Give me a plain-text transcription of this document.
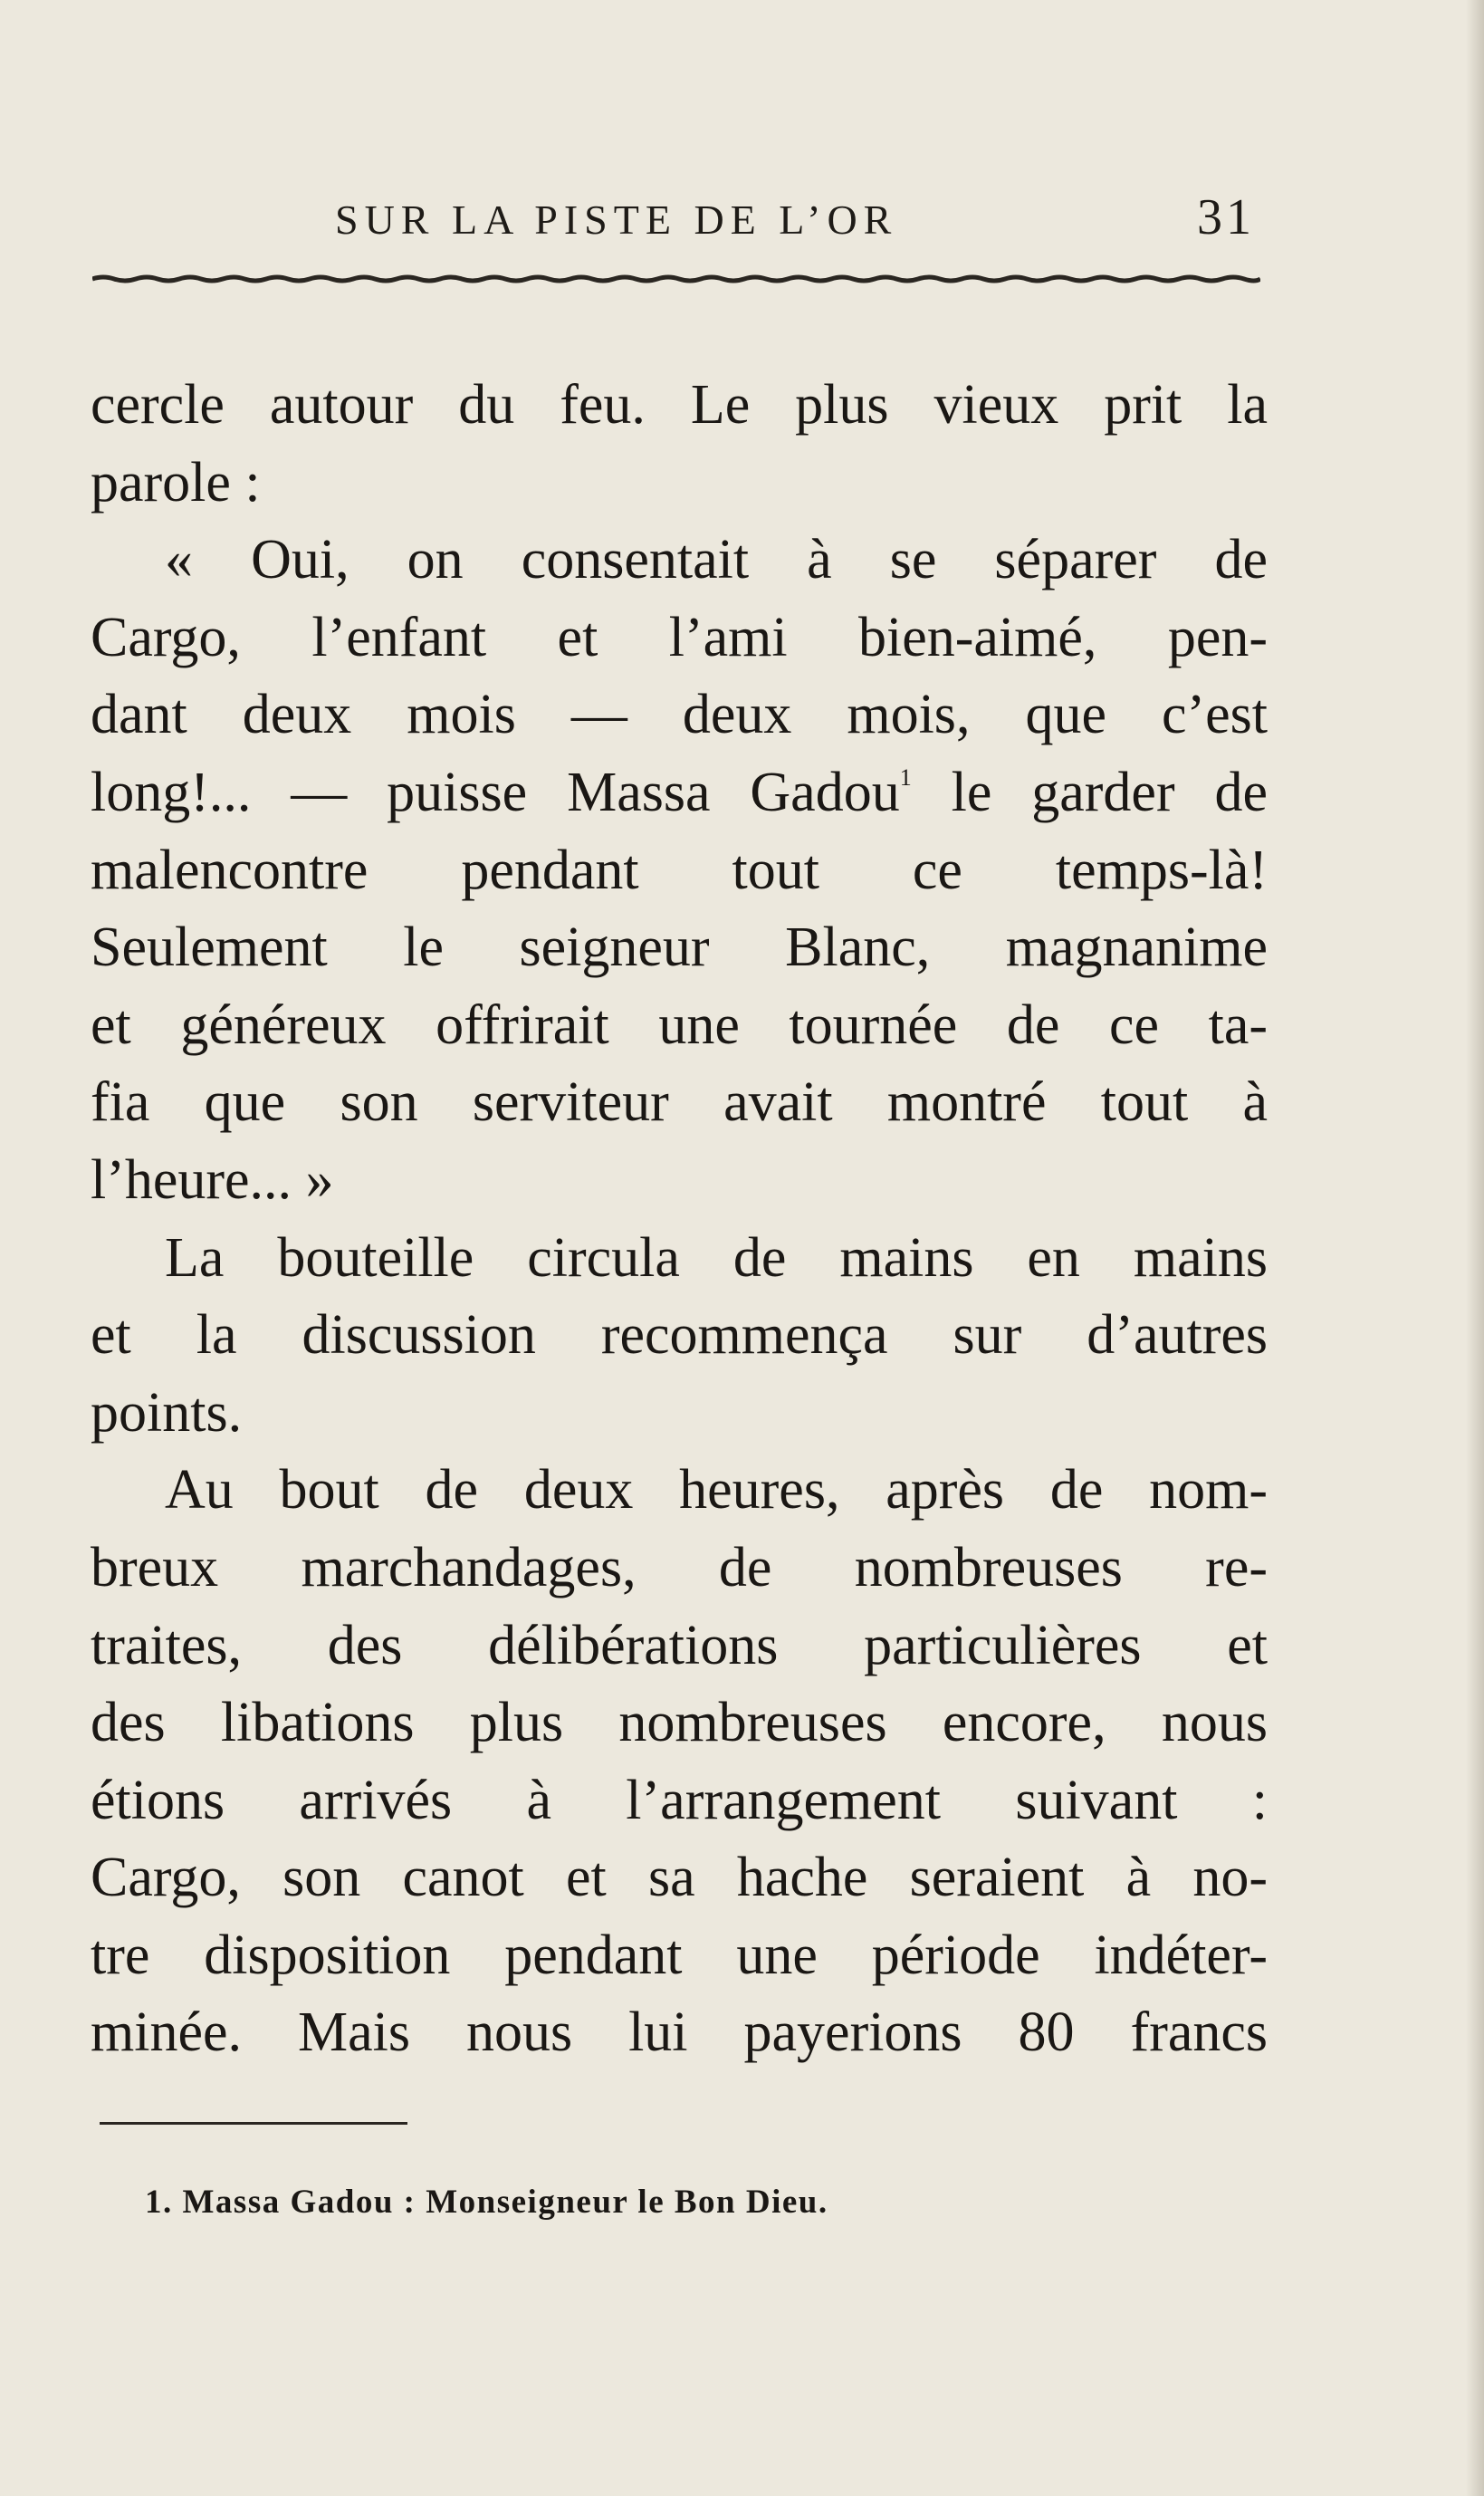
SUR LA PISTE DE L’OR	31
cercle autour du feu. Le plus vieux prit la
parole :
« Oui, on consentait à se séparer de
Cargo, l’enfant et l’ami bien-aimé, pen-
dant deux mois — deux mois, que c’est
long!... — puisse Massa Gadou$^1$ le garder de
malencontre pendant tout ce temps-là!
Seulement le seigneur Blanc, magnanime
et généreux offrirait une tournée de ce ta-
fia que son serviteur avait montré tout à
l’heure... »
La bouteille circula de mains en mains
et la discussion recommença sur d’autres
points.
Au bout de deux heures, après de nom-
breux marchandages, de nombreuses re-
traites, des délibérations particulières et
des libations plus nombreuses encore, nous
étions arrivés à l’arrangement suivant :
Cargo, son canot et sa hache seraient à no-
tre disposition pendant une période indéter-
minée. Mais nous lui payerions 80 francs
1. Massa Gadou : Monseigneur le Bon Dieu.
